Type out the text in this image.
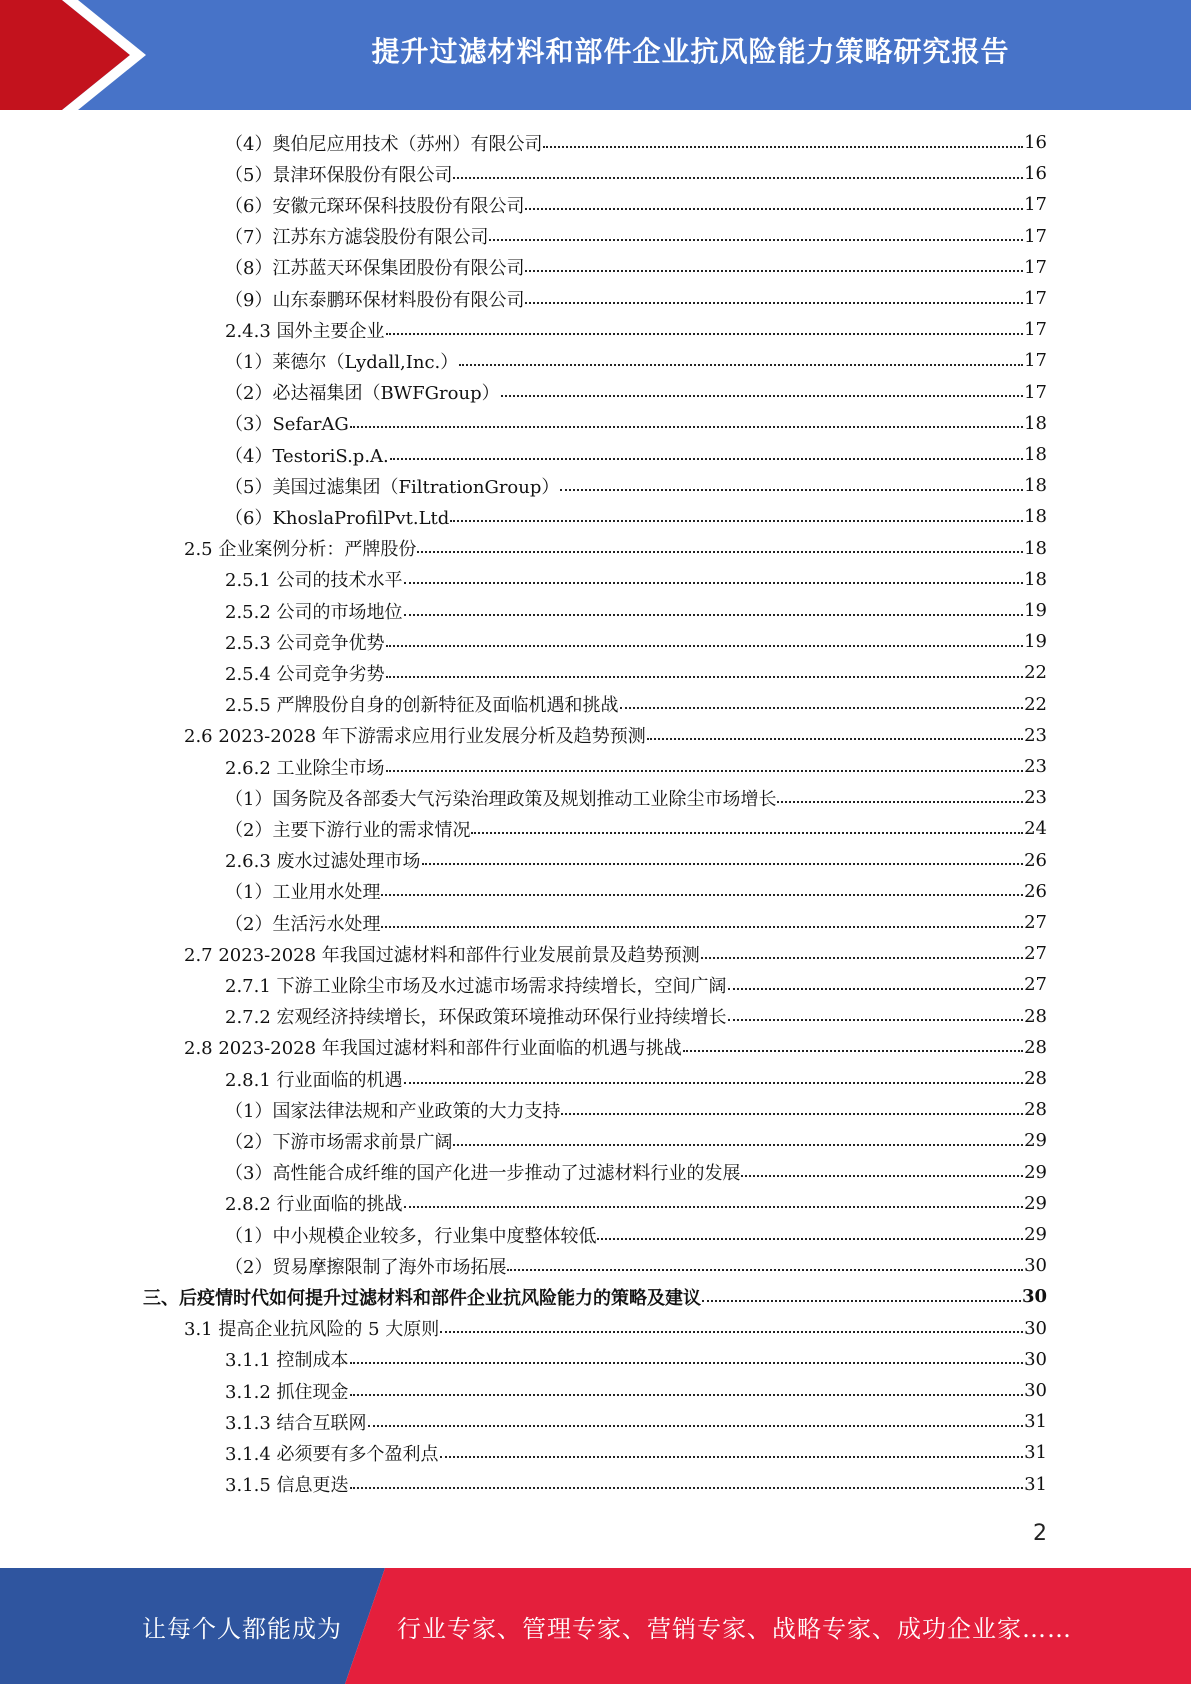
提升过滤材料和部件企业抗风险能力策略研究报告
（4）奥伯尼应用技术（苏州）有限公司	16
（5）景津环保股份有限公司	16
（6）安徽元琛环保科技股份有限公司	17
（7）江苏东方滤袋股份有限公司	17
（8）江苏蓝天环保集团股份有限公司	17
（9）山东泰鹏环保材料股份有限公司	17
2.4.3 国外主要企业	17
（1）莱德尔（Lydall,Inc.）	17
（2）必达福集团（BWFGroup）	17
（3）SefarAG	18
（4）TestoriS.p.A.	18
（5）美国过滤集团（FiltrationGroup）	18
（6）KhoslaProfilPvt.Ltd	18
2.5 企业案例分析：严牌股份	18
2.5.1 公司的技术水平	18
2.5.2 公司的市场地位	19
2.5.3 公司竞争优势	19
2.5.4 公司竞争劣势	22
2.5.5 严牌股份自身的创新特征及面临机遇和挑战	22
2.6 2023-2028 年下游需求应用行业发展分析及趋势预测	23
2.6.2 工业除尘市场	23
（1）国务院及各部委大气污染治理政策及规划推动工业除尘市场增长	23
（2）主要下游行业的需求情况	24
2.6.3 废水过滤处理市场	26
（1）工业用水处理	26
（2）生活污水处理	27
2.7 2023-2028 年我国过滤材料和部件行业发展前景及趋势预测	27
2.7.1 下游工业除尘市场及水过滤市场需求持续增长，空间广阔	27
2.7.2 宏观经济持续增长，环保政策环境推动环保行业持续增长	28
2.8 2023-2028 年我国过滤材料和部件行业面临的机遇与挑战	28
2.8.1 行业面临的机遇	28
（1）国家法律法规和产业政策的大力支持	28
（2）下游市场需求前景广阔	29
（3）高性能合成纤维的国产化进一步推动了过滤材料行业的发展	29
2.8.2 行业面临的挑战	29
（1）中小规模企业较多，行业集中度整体较低	29
（2）贸易摩擦限制了海外市场拓展	30
三、后疫情时代如何提升过滤材料和部件企业抗风险能力的策略及建议	30
3.1 提高企业抗风险的 5 大原则	30
3.1.1 控制成本	30
3.1.2 抓住现金	30
3.1.3 结合互联网	31
3.1.4 必须要有多个盈利点	31
3.1.5 信息更迭	31
2
让每个人都能成为 行业专家、管理专家、营销专家、战略专家、成功企业家……
